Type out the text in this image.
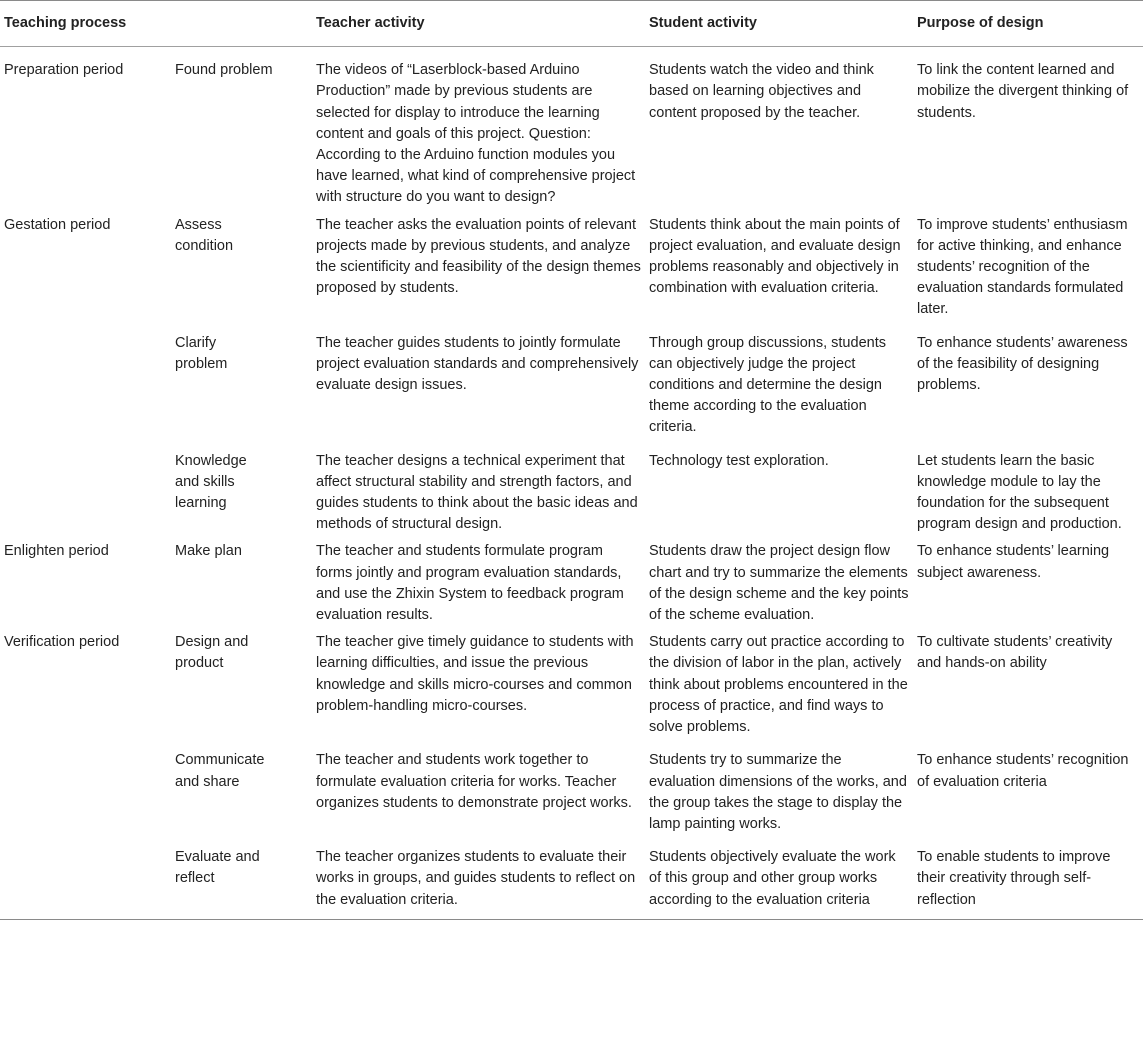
Teaching process		Teacher activity	Student activity	Purpose of design
Preparation period	Found problem	The videos of “Laserblock-based Arduino Production” made by previous students are selected for display to introduce the learning content and goals of this project. Question: According to the Arduino function modules you have learned, what kind of comprehensive project with structure do you want to design?	Students watch the video and think based on learning objectives and content proposed by the teacher.	To link the content learned and mobilize the divergent thinking of students.
Gestation period	Assess condition	The teacher asks the evaluation points of relevant projects made by previous students, and analyze the scientificity and feasibility of the design themes proposed by students.	Students think about the main points of project evaluation, and evaluate design problems reasonably and objectively in combination with evaluation criteria.	To improve students’ enthusiasm for active thinking, and enhance students’ recognition of the evaluation standards formulated later.
	Clarify problem	The teacher guides students to jointly formulate project evaluation standards and comprehensively evaluate design issues.	Through group discussions, students can objectively judge the project conditions and determine the design theme according to the evaluation criteria.	To enhance students’ awareness of the feasibility of designing problems.
	Knowledge and skills learning	The teacher designs a technical experiment that affect structural stability and strength factors, and guides students to think about the basic ideas and methods of structural design.	Technology test exploration.	Let students learn the basic knowledge module to lay the foundation for the subsequent program design and production.
Enlighten period	Make plan	The teacher and students formulate program forms jointly and program evaluation standards, and use the Zhixin System to feedback program evaluation results.	Students draw the project design flow chart and try to summarize the elements of the design scheme and the key points of the scheme evaluation.	To enhance students’ learning subject awareness.
Verification period	Design and product	The teacher give timely guidance to students with learning difficulties, and issue the previous knowledge and skills micro-courses and common problem-handling micro-courses.	Students carry out practice according to the division of labor in the plan, actively think about problems encountered in the process of practice, and find ways to solve problems.	To cultivate students’ creativity and hands-on ability
	Communicate and share	The teacher and students work together to formulate evaluation criteria for works. Teacher organizes students to demonstrate project works.	Students try to summarize the evaluation dimensions of the works, and the group takes the stage to display the lamp painting works.	To enhance students’ recognition of evaluation criteria
	Evaluate and reflect	The teacher organizes students to evaluate their works in groups, and guides students to reflect on the evaluation criteria.	Students objectively evaluate the work of this group and other group works according to the evaluation criteria	To enable students to improve their creativity through self-reflection
